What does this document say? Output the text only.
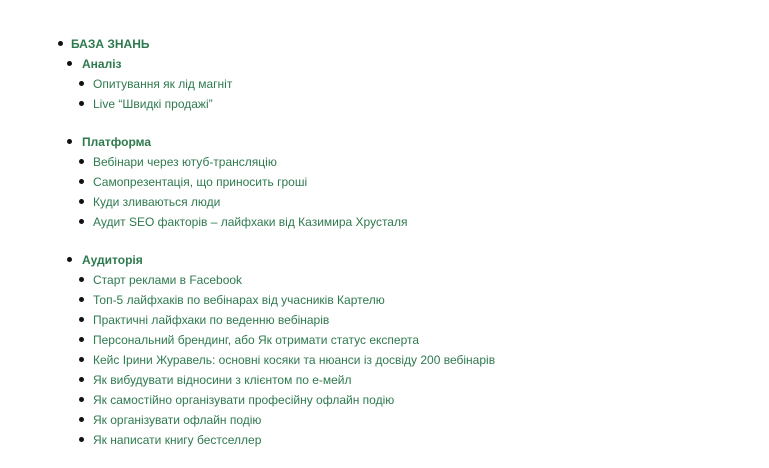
БАЗА ЗНАНЬ
Аналіз
Опитування як лід магніт
Live “Швидкі продажі”
Платформа
Вебінари через ютуб-трансляцію
Самопрезентація, що приносить гроші
Куди зливаються люди
Аудит SEO факторів – лайфхаки від Казимира Хрусталя
Аудиторія
Старт реклами в Facebook
Топ-5 лайфхаків по вебінарах від учасників Картелю
Практичні лайфхаки по веденню вебінарів
Персональний брендинг, або Як отримати статус експерта
Кейс Ірини Журавель: основні косяки та нюанси із досвіду 200 вебінарів
Як вибудувати відносини з клієнтом по е-мейл
Як самостійно організувати професійну офлайн подію
Як організувати офлайн подію
Як написати книгу бестселлер
